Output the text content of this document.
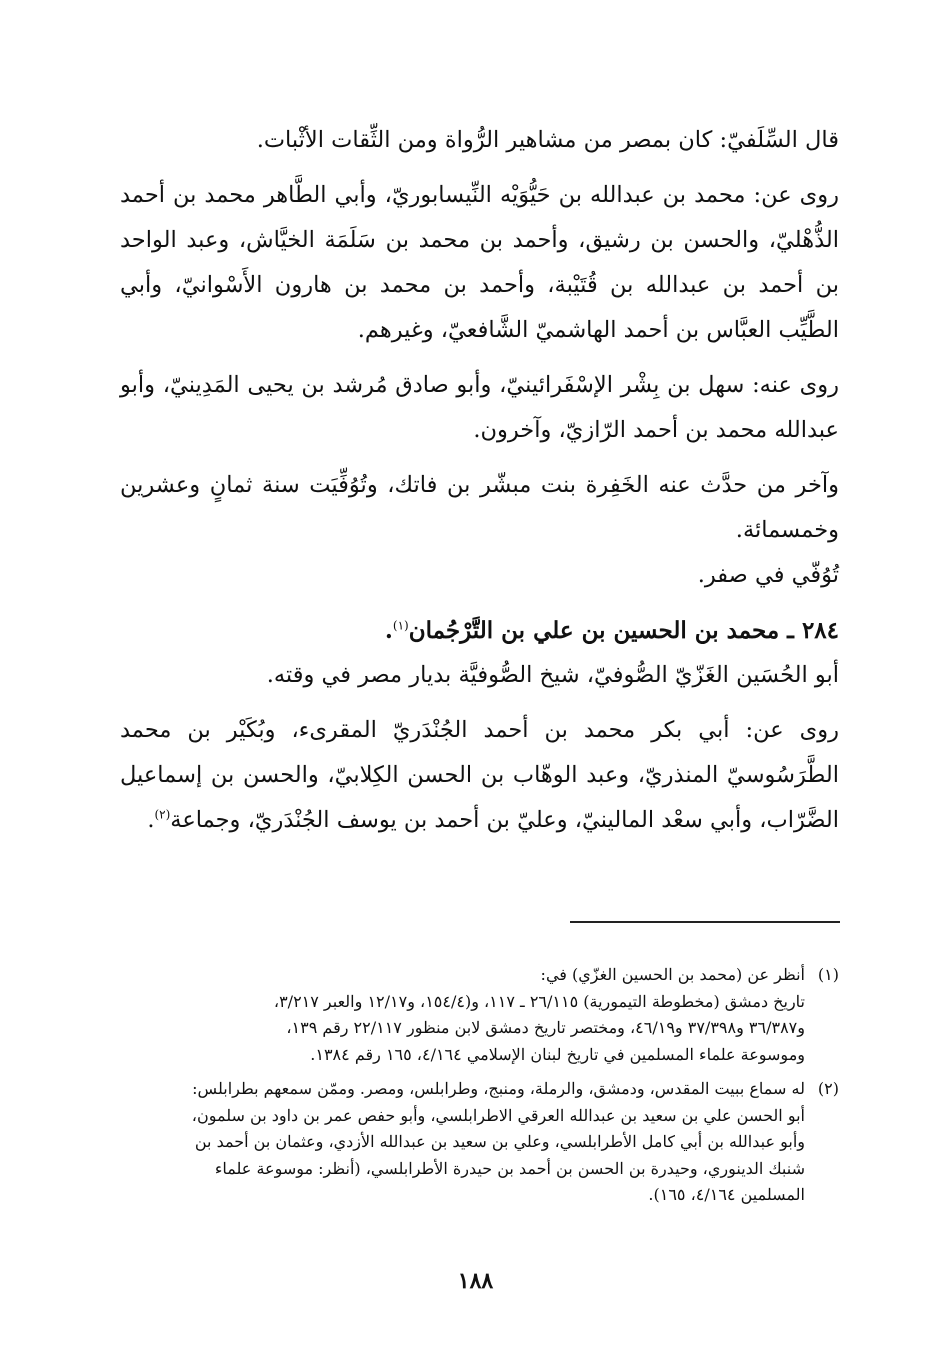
قال السِّلَفيّ: كان بمصر من مشاهير الرُّواة ومن الثِّقات الأثْبات.

روى عن: محمد بن عبدالله بن حَيُّوَيْه النِّيسابوريّ، وأبي الطَّاهر محمد بن أحمد الذُّهْليّ، والحسن بن رشيق، وأحمد بن محمد بن سَلَمَة الخيَّاش، وعبد الواحد بن أحمد بن عبدالله بن قُتَيْبة، وأحمد بن محمد بن هارون الأَسْوانيّ، وأبي الطَّيِّب العبَّاس بن أحمد الهاشميّ الشَّافعيّ، وغيرهم.

روى عنه: سهل بن بِشْر الإسْفَرائينيّ، وأبو صادق مُرشد بن يحيى المَدِينيّ، وأبو عبدالله محمد بن أحمد الرّازيّ، وآخرون.

وآخر من حدَّث عنه الخَفِرة بنت مبشّر بن فاتك، وتُوُفِّيَت سنة ثمانٍ وعشرين وخمسمائة.

تُوُفّي في صفر.

٢٨٤ ـ محمد بن الحسين بن علي بن التَّرْجُمان$^{(١)}$.

أبو الحُسَين الغَزّيّ الصُّوفيّ، شيخ الصُّوفيَّة بديار مصر في وقته.

روى عن: أبي بكر محمد بن أحمد الجُنْدَريّ المقرىء، وبُكَيْر بن محمد الطَّرَسُوسيّ المنذريّ، وعبد الوهّاب بن الحسن الكِلابيّ، والحسن بن إسماعيل الضَّرّاب، وأبي سعْد المالينيّ، وعليّ بن أحمد بن يوسف الجُنْدَريّ، وجماعة$^{(٢)}$.

(١)
أنظر عن (محمد بن الحسين الغزّي) في:
تاريخ دمشق (مخطوطة التيمورية) ٢٦/١١٥ ـ ١١٧، و(١٥٤/٤، و١٢/١٧ والعبر ٣/٢١٧،
و٣٦/٣٨٧ و٣٧/٣٩٨ و٤٦/١٩، ومختصر تاريخ دمشق لابن منظور ٢٢/١١٧ رقم ١٣٩،
وموسوعة علماء المسلمين في تاريخ لبنان الإسلامي ٤/١٦٤، ١٦٥ رقم ١٣٨٤.
(٢)
له سماع ببيت المقدس، ودمشق، والرملة، ومنبج، وطرابلس، ومصر. وممّن سمعهم بطرابلس:
أبو الحسن علي بن سعيد بن عبدالله العرقي الاطرابلسي، وأبو حفص عمر بن داود بن سلمون،
وأبو عبدالله بن أبي كامل الأطرابلسي، وعلي بن سعيد بن عبدالله الأزدي، وعثمان بن أحمد بن
شنبك الدينوري، وحيدرة بن الحسن بن أحمد بن حيدرة الأطرابلسي، (أنظر: موسوعة علماء
المسلمين ٤/١٦٤، ١٦٥).
١٨٨
